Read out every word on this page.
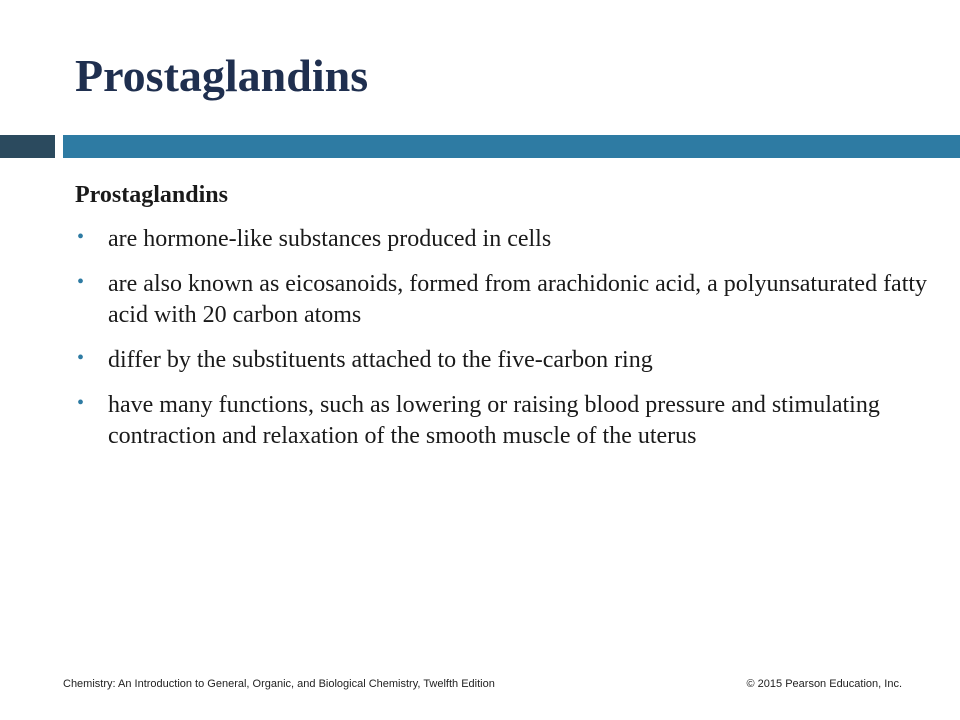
Prostaglandins
Prostaglandins
• are hormone-like substances produced in cells
• are also known as eicosanoids, formed from arachidonic acid, a polyunsaturated fatty acid with 20 carbon atoms
• differ by the substituents attached to the five-carbon ring
• have many functions, such as lowering or raising blood pressure and stimulating contraction and relaxation of the smooth muscle of the uterus
Chemistry: An Introduction to General, Organic, and Biological Chemistry, Twelfth Edition	© 2015 Pearson Education, Inc.
